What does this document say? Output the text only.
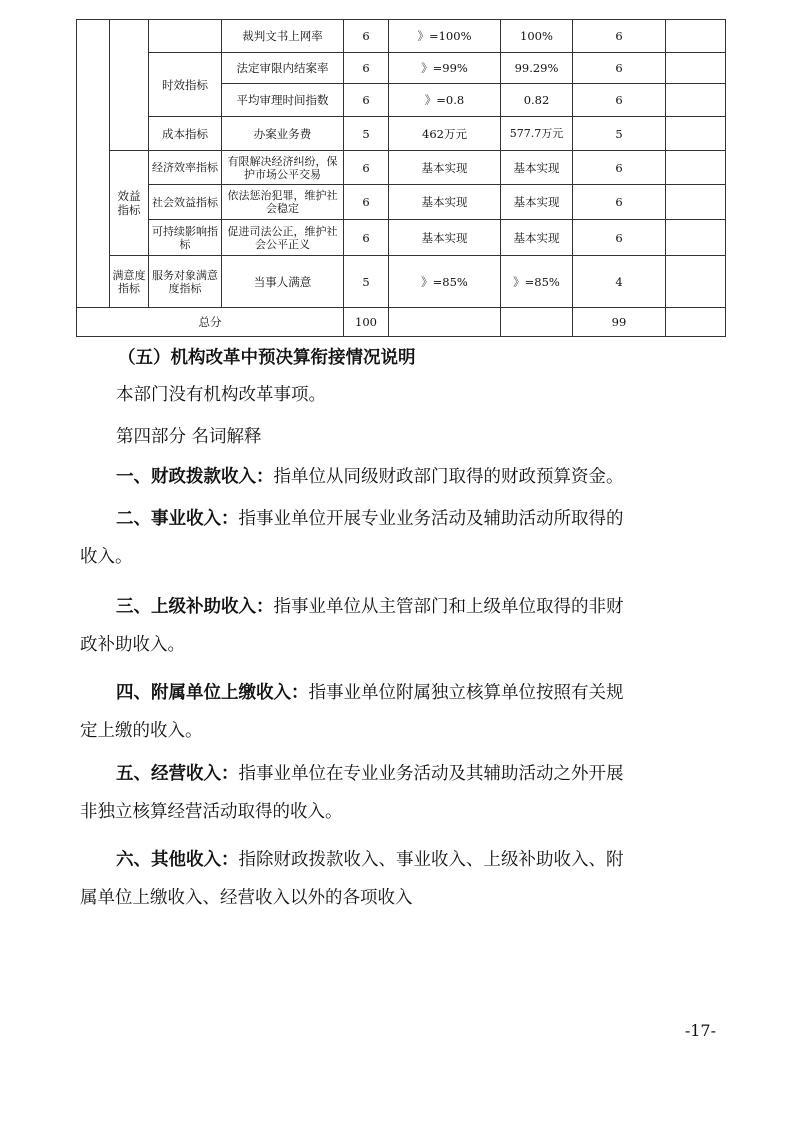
			裁判文书上网率	6	》=100%	100%	6	
		时效指标	法定审限内结案率	6	》=99%	99.29%	6	
			平均审理时间指数	6	》=0.8	0.82	6	
		成本指标	办案业务费	5	462万元	577.7万元	5	
	效益指标	经济效率指标	有限解决经济纠纷，保护市场公平交易	6	基本实现	基本实现	6	
		社会效益指标	依法惩治犯罪，维护社会稳定	6	基本实现	基本实现	6	
		可持续影响指标	促进司法公正，维护社会公平正义	6	基本实现	基本实现	6	
	满意度指标	服务对象满意度指标	当事人满意	5	》=85%	》=85%	4	
总分				100			99	
（五）机构改革中预决算衔接情况说明
本部门没有机构改革事项。
第四部分 名词解释
一、财政拨款收入：指单位从同级财政部门取得的财政预算资金。
二、事业收入：指事业单位开展专业业务活动及辅助活动所取得的
收入。
三、上级补助收入：指事业单位从主管部门和上级单位取得的非财
政补助收入。
四、附属单位上缴收入：指事业单位附属独立核算单位按照有关规
定上缴的收入。
五、经营收入：指事业单位在专业业务活动及其辅助活动之外开展
非独立核算经营活动取得的收入。
六、其他收入：指除财政拨款收入、事业收入、上级补助收入、附
属单位上缴收入、经营收入以外的各项收入
-17-
